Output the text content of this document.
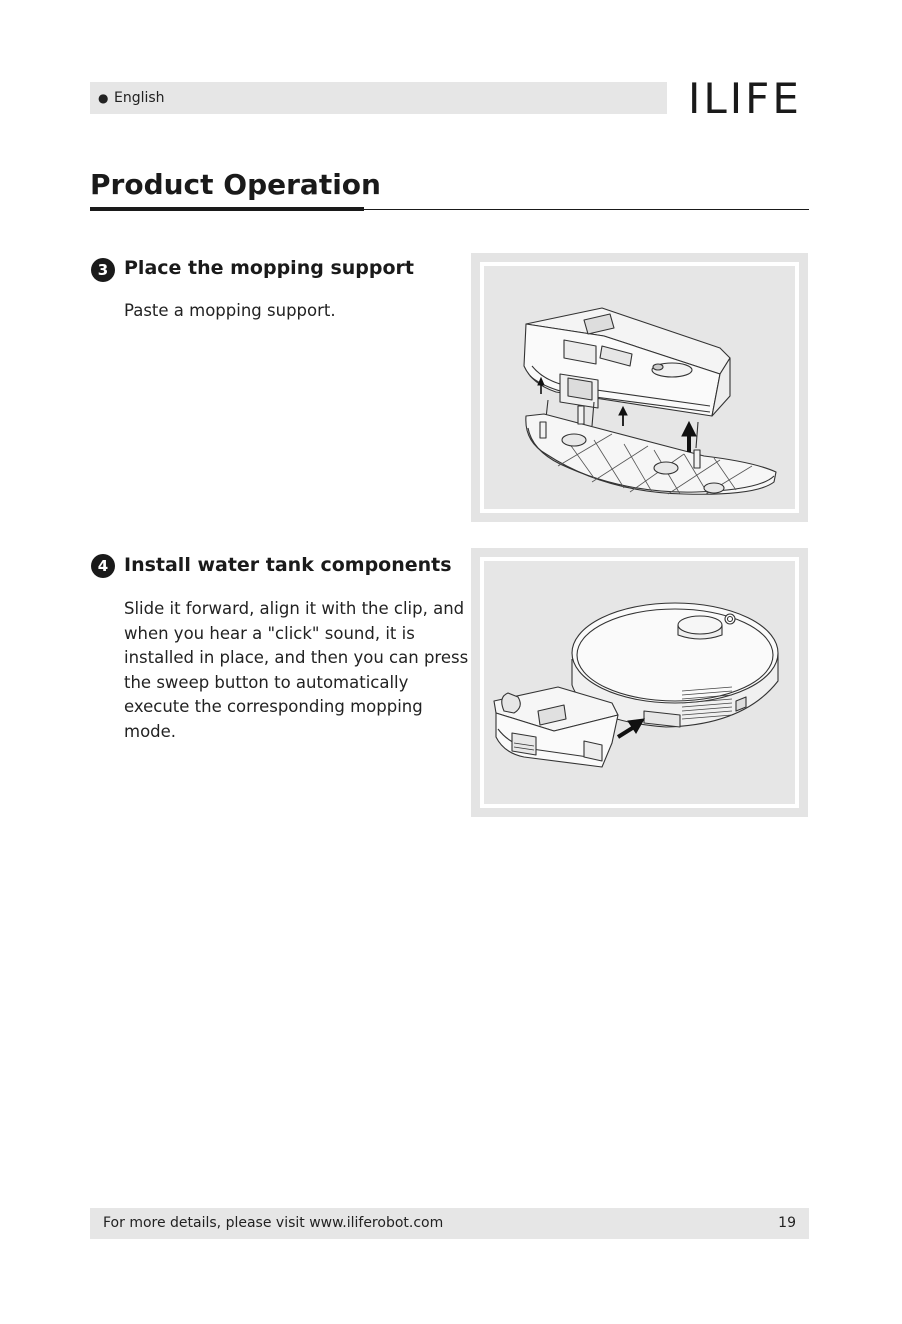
● English	ILIFE
Product Operation
3 Place the mopping support
Paste a mopping support.
4 Install water tank components
Slide it forward, align it with the clip, and when you hear a "click" sound, it is installed in place, and then you can press the sweep button to automatically execute the corresponding mopping mode.
For more details, please visit www.iliferobot.com	19
